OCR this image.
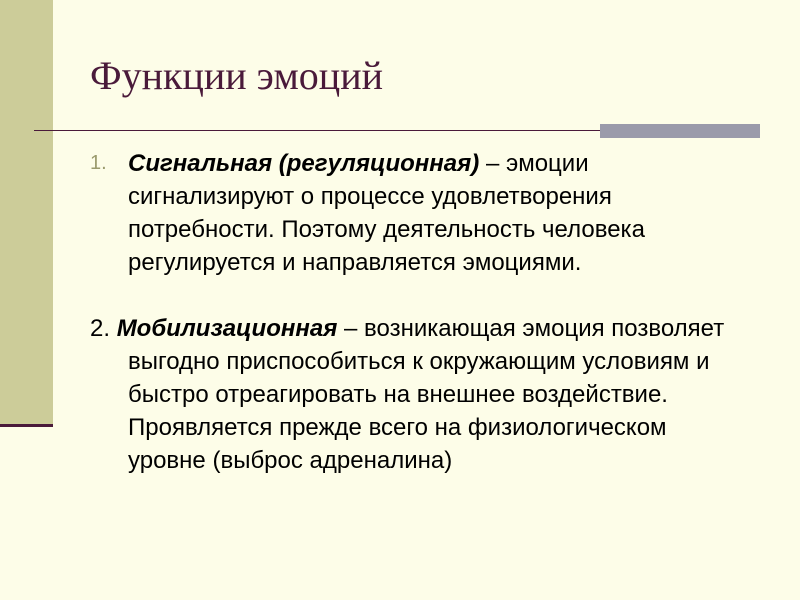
Функции эмоций
1. Сигнальная (регуляционная) – эмоции сигнализируют о процессе удовлетворения потребности. Поэтому деятельность человека регулируется и направляется эмоциями.
2. Мобилизационная – возникающая эмоция позволяет выгодно приспособиться к окружающим условиям и быстро отреагировать на внешнее воздействие. Проявляется прежде всего на физиологическом уровне (выброс адреналина)
